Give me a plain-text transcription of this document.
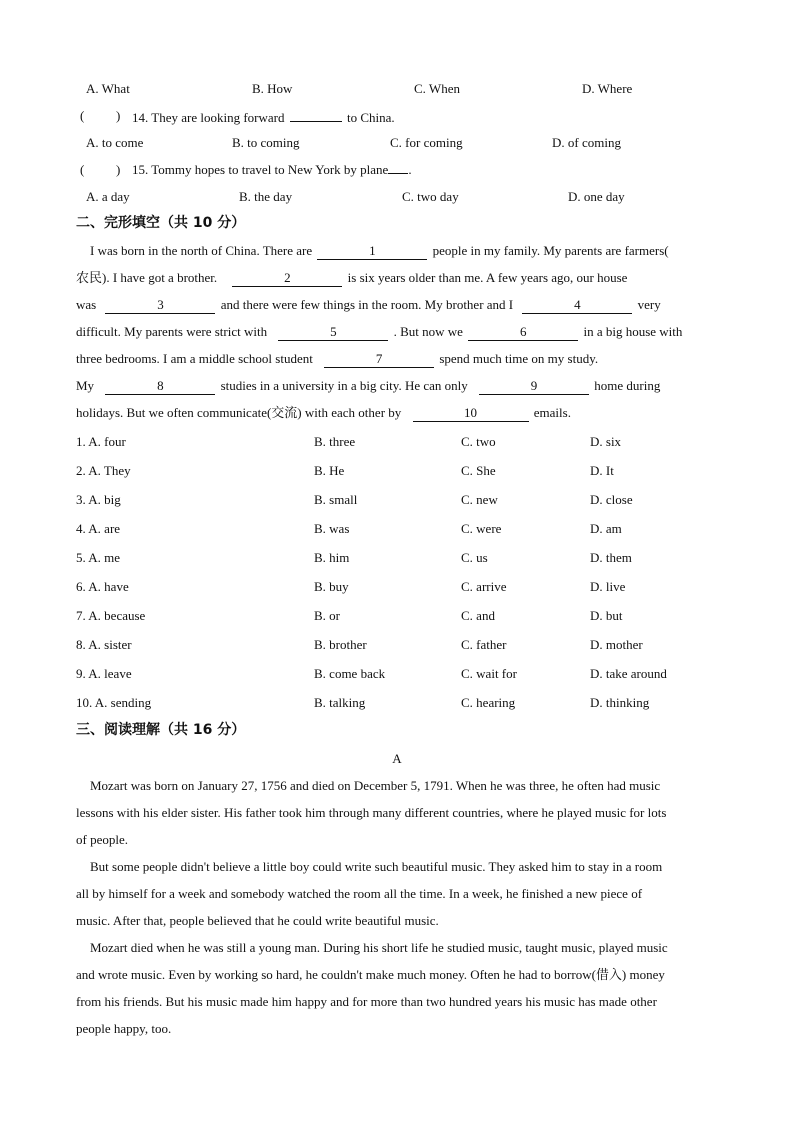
A. What	B. How	C. When	D. Where
( ) 14. They are looking forward	to China.
A. to come	B. to coming	C. for coming	D. of coming
( ) 15. Tommy hopes to travel to New York by plane .
A. a day	B. the day	C. two day	D. one day
二、完形填空（共 10 分）
I was born in the north of China. There are	1	people in my family. My parents are farmers(
农民). I have got a brother.	2	is six years older than me. A few years ago, our house
was	3	and there were few things in the room. My brother and I	4	very
difficult. My parents were strict with	5	. But now we	6	in a big house with
three bedrooms. I am a middle school student	7	spend much time on my study.
My	8	studies in a university in a big city. He can only	9	home during
holidays. But we often communicate(交流) with each other by	10	emails.
1. A. four	B. three	C. two	D. six
2. A. They	B. He	C. She	D. It
3. A. big	B. small	C. new	D. close
4. A. are	B. was	C. were	D. am
5. A. me	B. him	C. us	D. them
6. A. have	B. buy	C. arrive	D. live
7. A. because	B. or	C. and	D. but
8. A. sister	B. brother	C. father	D. mother
9. A. leave	B. come back	C. wait for	D. take around
10. A. sending	B. talking	C. hearing	D. thinking
三、阅读理解（共 16 分）
A
Mozart was born on January 27, 1756 and died on December 5, 1791. When he was three, he often had music
lessons with his elder sister. His father took him through many different countries, where he played music for lots
of people.
But some people didn't believe a little boy could write such beautiful music. They asked him to stay in a room
all by himself for a week and somebody watched the room all the time. In a week, he finished a new piece of
music. After that, people believed that he could write beautiful music.
Mozart died when he was still a young man. During his short life he studied music, taught music, played music
and wrote music. Even by working so hard, he couldn't make much money. Often he had to borrow(借入) money
from his friends. But his music made him happy and for more than two hundred years his music has made other
people happy, too.
